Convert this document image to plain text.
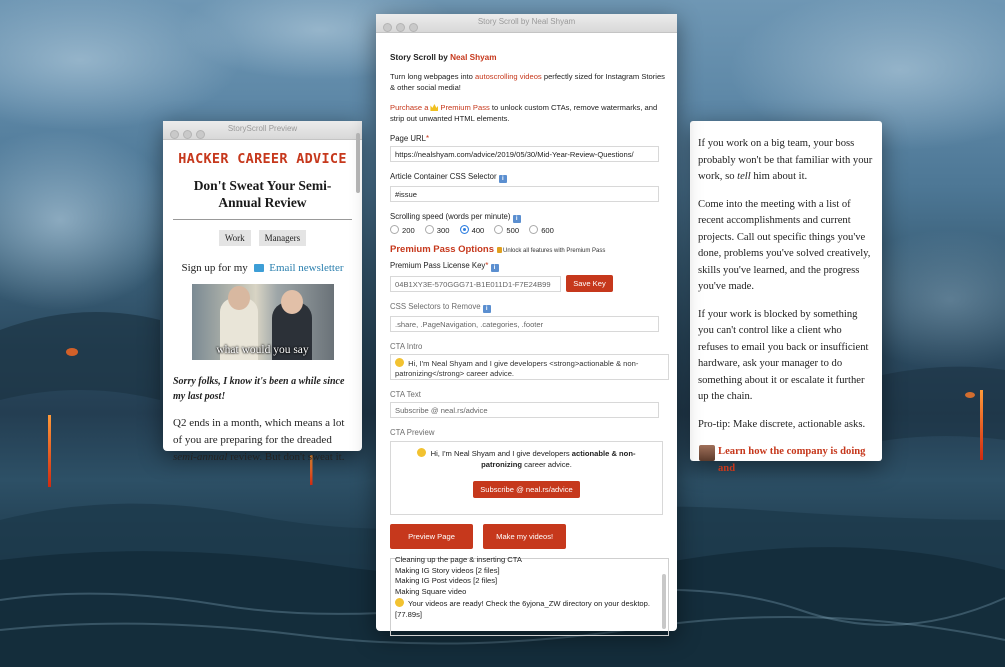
StoryScroll Preview
HACKER CAREER ADVICE
Don't Sweat Your Semi-Annual Review
Work Managers
Sign up for my Email newsletter
what would you say
Sorry folks, I know it's been a while since my last post!
Q2 ends in a month, which means a lot of you are preparing for the dreaded semi-annual review. But don't sweat it.

If you work on a big team, your boss probably won't be that familiar with your work, so tell him about it.

Come into the meeting with a list of recent accomplishments and current projects. Call out specific things you've done, problems you've solved creatively, skills you've learned, and the progress you've made.

If your work is blocked by something you can't control like a client who refuses to email you back or insufficient hardware, ask your manager to do something about it or escalate it further up the chain.

Pro-tip: Make discrete, actionable asks.

Learn how the company is doing and
Story Scroll by Neal Shyam
Story Scroll by Neal Shyam
Turn long webpages into autoscrolling videos perfectly sized for Instagram Stories & other social media!
Purchase a Premium Pass to unlock custom CTAs, remove watermarks, and strip out unwanted HTML elements.
Page URL*
https://nealshyam.com/advice/2019/05/30/Mid-Year-Review-Questions/
Article Container CSS Selector i
#issue
Scrolling speed (words per minute) i
200	300	400	500	600
Premium Pass Options Unlock all features with Premium Pass
Premium Pass License Key* i
04B1XY3E-570GGG71-B1E011D1-F7E24B99	Save Key
CSS Selectors to Remove i
.share, .PageNavigation, .categories, .footer
CTA Intro
Hi, I'm Neal Shyam and I give developers <strong>actionable & non-patronizing</strong> career advice.
CTA Text
Subscribe @ neal.rs/advice
CTA Preview
Hi, I'm Neal Shyam and I give developers actionable & non-patronizing career advice.
Subscribe @ neal.rs/advice
Preview Page	Make my videos!
Cleaning up the page & inserting CTA
Making IG Story videos [2 files]
Making IG Post videos [2 files]
Making Square video
Your videos are ready! Check the 6yjona_ZW directory on your desktop. [77.89s]
